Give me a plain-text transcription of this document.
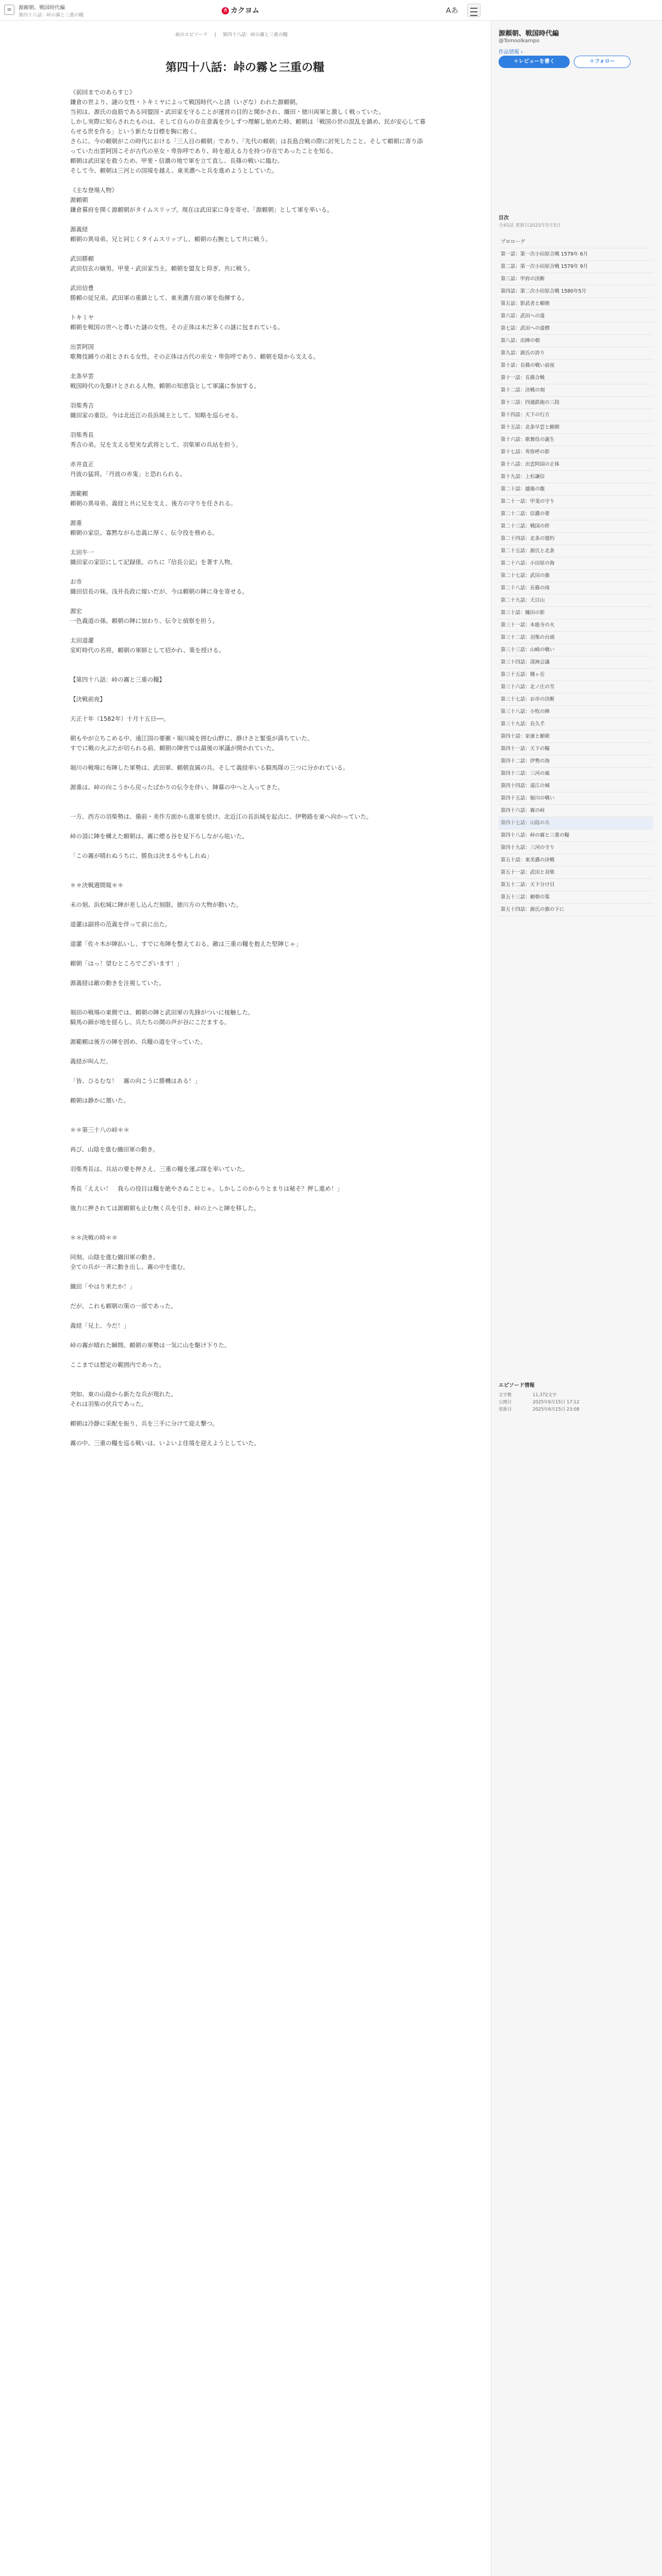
≡	源頼朝、戦国時代編
第四十八話：峠の霧と三重の糧
カ カクヨム	Aあ
前のエピソード | 第四十八話：峠の霧と三重の糧
第四十八話：峠の霧と三重の糧

《前回までのあらすじ》

鎌倉の世より、謎の女性・トキミヤによって戦国時代へと誘（いざな）われた源頼朝。

当初は、源氏の血筋である同盟国・武田家を守ることが運営の目的と聞かされ、織田・徳川両軍と激しく戦っていた。

しかし実際に知らされたものは、そして自らの存在意義を少しずつ理解し始めた時、頼朝は「戦国の世の混乱を鎮め、民が安心して暮らせる世を作る」という新たな目標を胸に抱く。

さらに、今の頼朝がこの時代における「三人目の頼朝」であり、「先代の頼朝」は長島合戦の際に討死したこと、そして頼朝に寄り添っていた出雲阿国こそが古代の巫女・卑弥呼であり、時を超える力を持つ存在であったことを知る。

頼朝は武田家を救うため、甲斐・信濃の地で軍を立て直し、長篠の戦いに臨む。

そして今、頼朝は三河との国境を越え、東美濃へと兵を進めようとしていた。

《主な登場人物》

源頼朝

鎌倉幕府を開く源頼朝がタイムスリップ。現在は武田家に身を寄せ、「源頼朝」として軍を率いる。

源義経

頼朝の異母弟。兄と同じくタイムスリップし、頼朝の右腕として共に戦う。

武田勝頼

武田信玄の嫡男。甲斐・武田家当主。頼朝を盟友と仰ぎ、共に戦う。

武田信豊

勝頼の従兄弟。武田軍の重鎮として、東美濃方面の軍を指揮する。

トキミヤ

頼朝を戦国の世へと導いた謎の女性。その正体は未だ多くの謎に包まれている。

出雲阿国

歌舞伎踊りの祖とされる女性。その正体は古代の巫女・卑弥呼であり、頼朝を陰から支える。

北条早雲

戦国時代の先駆けとされる人物。頼朝の知恵袋として軍議に参加する。

羽柴秀吉

織田家の重臣。今は北近江の長浜城主として、知略を巡らせる。

羽柴秀長

秀吉の弟。兄を支える堅実な武将として、羽柴軍の兵站を担う。

赤井直正

丹波の猛将。「丹波の赤鬼」と恐れられる。

源範頼

頼朝の異母弟。義経と共に兄を支え、後方の守りを任される。

源重

頼朝の家臣。寡黙ながら忠義に厚く、伝令役を務める。

太田牛一

織田家の家臣にして記録係。のちに『信長公記』を著す人物。

お市

織田信長の妹。浅井長政に嫁いだが、今は頼朝の陣に身を寄せる。

源宏

一色義道の孫。頼朝の陣に加わり、伝令と偵察を担う。

太田道灌

室町時代の名将。頼朝の軍師として招かれ、策を授ける。

【第四十八話：峠の霧と三重の糧】

【決戦前夜】

天正十年（1582年）十月十五日──。

朝もやが立ちこめる中、遠江国の要衝・堀川城を囲む山野に、静けさと緊張が満ちていた。

すでに戦の火ぶたが切られる前、頼朝の陣営では最後の軍議が開かれていた。

堀川の戦場に布陣した軍勢は、武田軍、頼朝直属の兵、そして義経率いる騎馬隊の三つに分かれている。

源重は、峠の向こうから戻ったばかりの伝令を伴い、陣幕の中へと入ってきた。

一方、西方の羽柴勢は、備前・美作方面から進軍を続け、北近江の長浜城を起点に、伊勢路を東へ向かっていた。

峠の頂に陣を構えた頼朝は、霧に煙る谷を見下ろしながら呟いた。

「この霧が晴れぬうちに、勝負は決まるやもしれぬ」

＊＊決戦週間報＊＊

未の刻、浜松城に陣が差し込んだ刻限。徳川方の大物が動いた。

道灌は副将の范義を伴って前に出た。

道灌「佐々木が陣払いし、すでに布陣を整えておる。敵は三重の糧を抱えた堅陣じゃ」

頼朝「はっ！望むところでございます！」

源義経は敵の動きを注視していた。

堀田の戦場の東側では、頼朝の陣と武田軍の先鋒がついに接触した。

騎馬の蹄が地を揺らし、兵たちの鬨の声が谷にこだまする。

源範頼は後方の陣を固め、兵糧の道を守っていた。

義経が叫んだ。

「皆、ひるむな！　霧の向こうに勝機はある！」

頼朝は静かに頷いた。

＊＊第三十八の峠＊＊

再び、山陰を進む織田軍の動き。

羽柴秀長は、兵站の要を押さえ、三重の糧を運ぶ隊を率いていた。

秀長「ええい！　我らの役目は糧を絶やさぬことじゃ。しかしこのからりとまりは秘そ？押し進め！」

強力に押されては源頼朝も止む無く兵を引き、峠の上へと陣を移した。

＊＊決戦の時＊＊

同刻、山陰を進む織田軍の動き。

全ての兵が一斉に動き出し、霧の中を進む。

織田「やはり来たか！」

だが、これも頼朝の策の一部であった。

義経「兄上、今だ！」

峠の霧が晴れた瞬間、頼朝の軍勢は一気に山を駆け下りた。

ここまでは想定の範囲内であった。

突如、東の山陰から新たな兵が現れた。

それは羽柴の伏兵であった。

頼朝は冷静に采配を振り、兵を三手に分けて迎え撃つ。

霧の中、三重の糧を巡る戦いは、いよいよ佳境を迎えようとしていた。

源頼朝、戦国時代編
@Tomoolkampo
作品情報 ›
＋レビューを書く	＋フォロー
目次
全45話 更新日2025年5月5日
プロローグ
第一話：第一次小田原合戦 1579年 6月
第二話：第一次小田原合戦 1579年 9月
第三話：甲府の決断
第四話：第二次小田原合戦 1580年5月
第五話：影武者と頼朝
第六話：武田への道
第七話：武田への道標
第八話：出陣の朝
第九話：源氏の誇り
第十話：長篠の戦い前夜
第十一話：長篠合戦
第十二話：決戦の刻
第十三話：四通鉄砲の三段
第十四話：天下の行方
第十五話：北条早雲と頼朝
第十六話：歌舞伎の誕生
第十七話：卑弥呼の影
第十八話：出雲阿国の正体
第十九話：上杉謙信
第二十話：越後の龍
第二十一話：甲斐の守り
第二十二話：信濃の要
第二十三話：戦国の絆
第二十四話：北条の盟約
第二十五話：源氏と北条
第二十六話：小田原の海
第二十七話：武田の旗
第二十八話：長篠の雨
第二十九話：天目山
第三十話：織田の影
第三十一話：本能寺の火
第三十二話：羽柴の台頭
第三十三話：山崎の戦い
第三十四話：清洲会議
第三十五話：賤ヶ岳
第三十六話：北ノ庄の雪
第三十七話：お市の決断
第三十八話：小牧の陣
第三十九話：長久手
第四十話：家康と頼朝
第四十一話：天下の糧
第四十二話：伊勢の海
第四十三話：三河の風
第四十四話：遠江の城
第四十五話：堀川の戦い
第四十六話：霧の峠
第四十七話：山陰の兵
第四十八話：峠の霧と三重の糧
第四十九話：三河の守り
第五十話：東美濃の決戦
第五十一話：武田と羽柴
第五十二話：天下分け目
第五十三話：頼朝の策
第五十四話：源氏の旗の下に
エピソード情報
文字数	11,372文字
公開日	2025年6月15日 17:12
更新日	2025年6月15日 23:08
